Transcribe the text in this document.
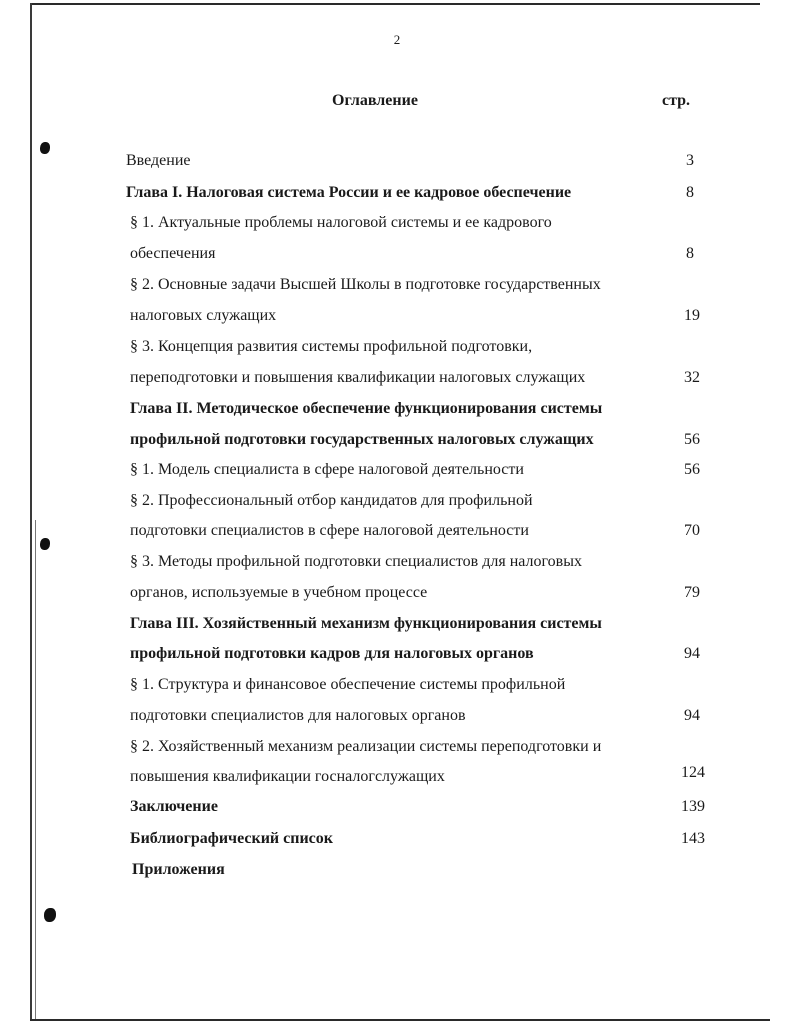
2
Оглавление	стр.
Введение	3
Глава I. Налоговая система России и ее кадровое обеспечение	8
§ 1. Актуальные проблемы налоговой системы и ее кадрового
обеспечения	8
§ 2. Основные задачи Высшей Школы в подготовке государственных
налоговых служащих	19
§ 3. Концепция развития системы профильной подготовки,
переподготовки и повышения квалификации налоговых служащих	32
Глава II. Методическое обеспечение функционирования системы
профильной подготовки государственных налоговых служащих	56
§ 1. Модель специалиста в сфере налоговой деятельности	56
§ 2. Профессиональный отбор кандидатов для профильной
подготовки специалистов в сфере налоговой деятельности	70
§ 3. Методы профильной подготовки специалистов для налоговых
органов, используемые в учебном процессе	79
Глава III. Хозяйственный механизм функционирования системы
профильной подготовки кадров для налоговых органов	94
§ 1. Структура и финансовое обеспечение системы профильной
подготовки специалистов для налоговых органов	94
§ 2. Хозяйственный механизм реализации системы переподготовки и
повышения квалификации госналогслужащих	124
Заключение	139
Библиографический список	143
Приложения
